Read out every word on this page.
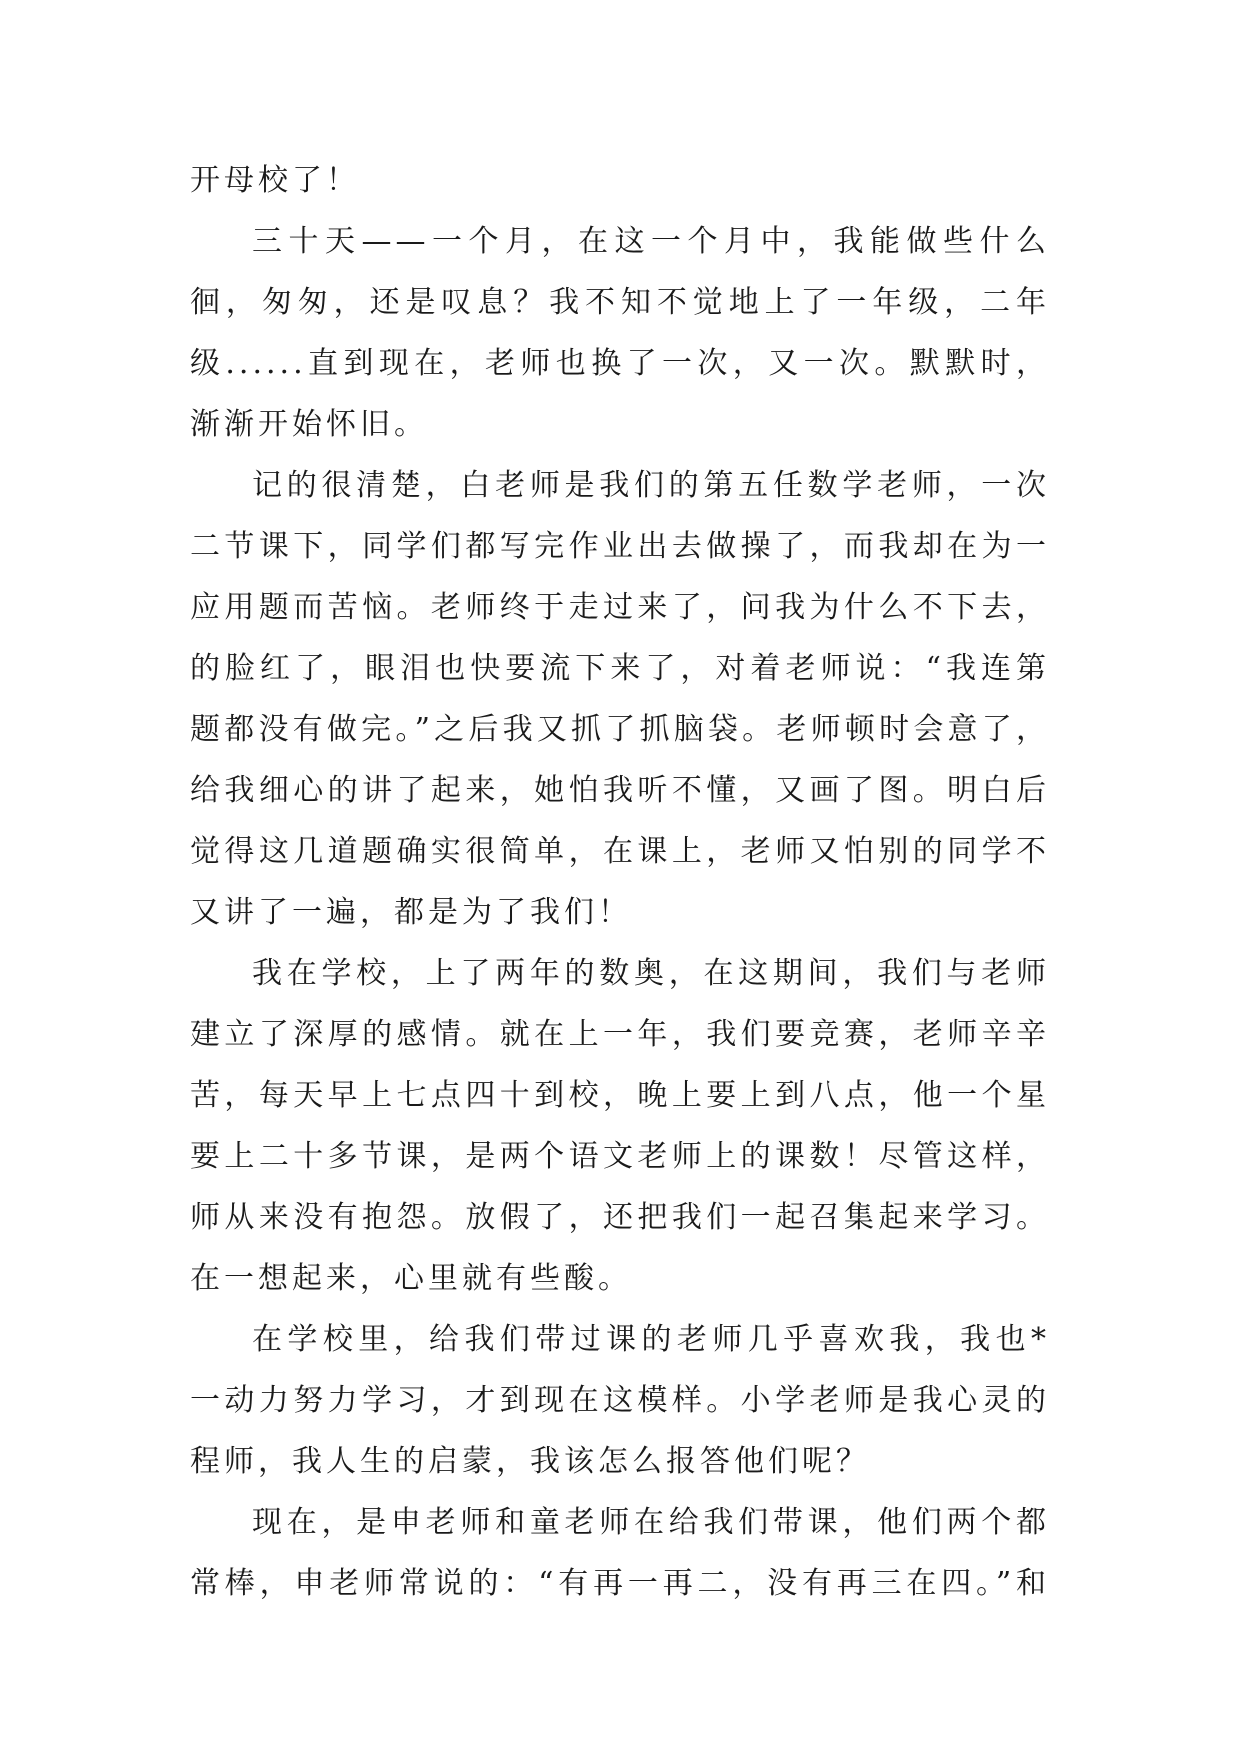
开母校了！
三十天——一个月，在这一个月中，我能做些什么
徊，匆匆，还是叹息？我不知不觉地上了一年级，二年
级......直到现在，老师也换了一次，又一次。默默时，
渐渐开始怀旧。
记的很清楚，白老师是我们的第五任数学老师，一次
二节课下，同学们都写完作业出去做操了，而我却在为一
应用题而苦恼。老师终于走过来了，问我为什么不下去，
的脸红了，眼泪也快要流下来了，对着老师说：“我连第
题都没有做完。”之后我又抓了抓脑袋。老师顿时会意了，
给我细心的讲了起来，她怕我听不懂，又画了图。明白后
觉得这几道题确实很简单，在课上，老师又怕别的同学不
又讲了一遍，都是为了我们！
我在学校，上了两年的数奥，在这期间，我们与老师
建立了深厚的感情。就在上一年，我们要竞赛，老师辛辛
苦，每天早上七点四十到校，晚上要上到八点，他一个星
要上二十多节课，是两个语文老师上的课数！尽管这样，
师从来没有抱怨。放假了，还把我们一起召集起来学习。
在一想起来，心里就有些酸。
在学校里，给我们带过课的老师几乎喜欢我，我也*
一动力努力学习，才到现在这模样。小学老师是我心灵的
程师，我人生的启蒙，我该怎么报答他们呢？
现在，是申老师和童老师在给我们带课，他们两个都
常棒，申老师常说的：“有再一再二，没有再三在四。”和
